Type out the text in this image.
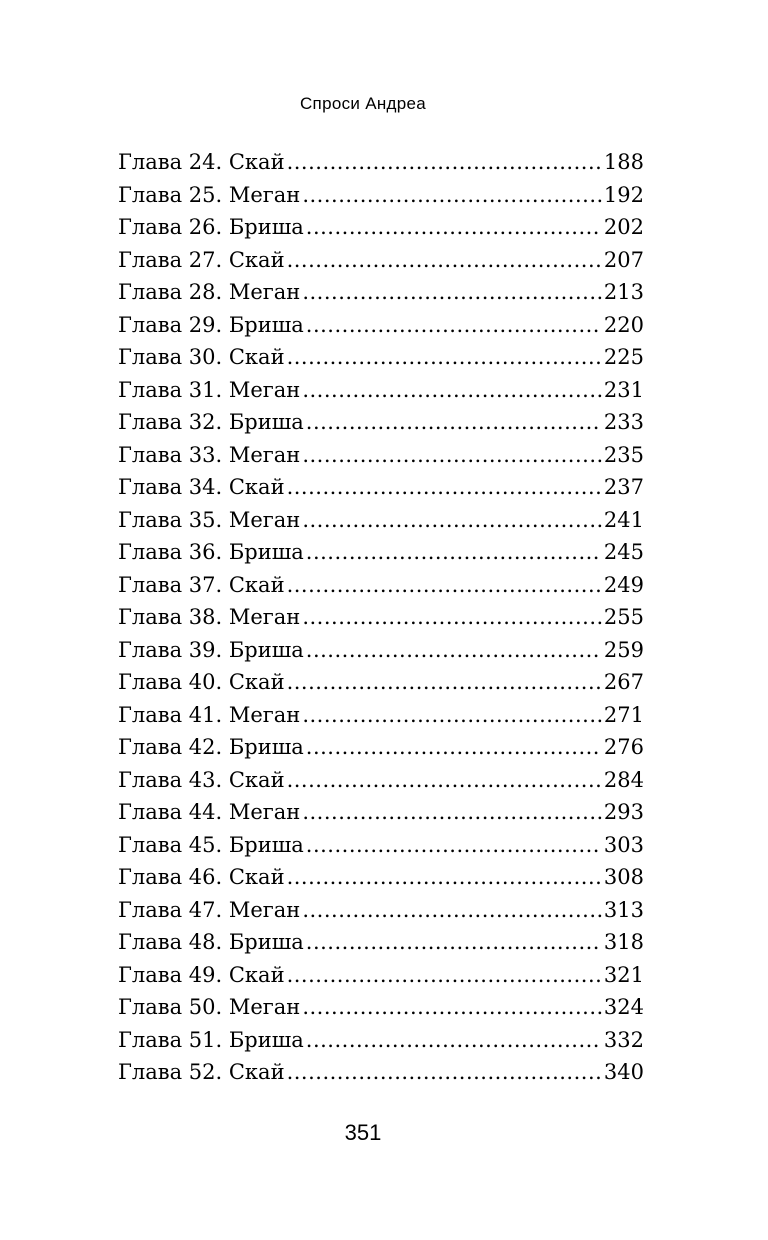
Спроси Андреа
Глава 24. Скай .....	188
Глава 25. Меган .....	192
Глава 26. Бриша .....	202
Глава 27. Скай .....	207
Глава 28. Меган .....	213
Глава 29. Бриша .....	220
Глава 30. Скай .....	225
Глава 31. Меган .....	231
Глава 32. Бриша .....	233
Глава 33. Меган .....	235
Глава 34. Скай .....	237
Глава 35. Меган .....	241
Глава 36. Бриша .....	245
Глава 37. Скай .....	249
Глава 38. Меган .....	255
Глава 39. Бриша .....	259
Глава 40. Скай .....	267
Глава 41. Меган .....	271
Глава 42. Бриша .....	276
Глава 43. Скай .....	284
Глава 44. Меган .....	293
Глава 45. Бриша .....	303
Глава 46. Скай .....	308
Глава 47. Меган .....	313
Глава 48. Бриша .....	318
Глава 49. Скай .....	321
Глава 50. Меган .....	324
Глава 51. Бриша .....	332
Глава 52. Скай .....	340
351
